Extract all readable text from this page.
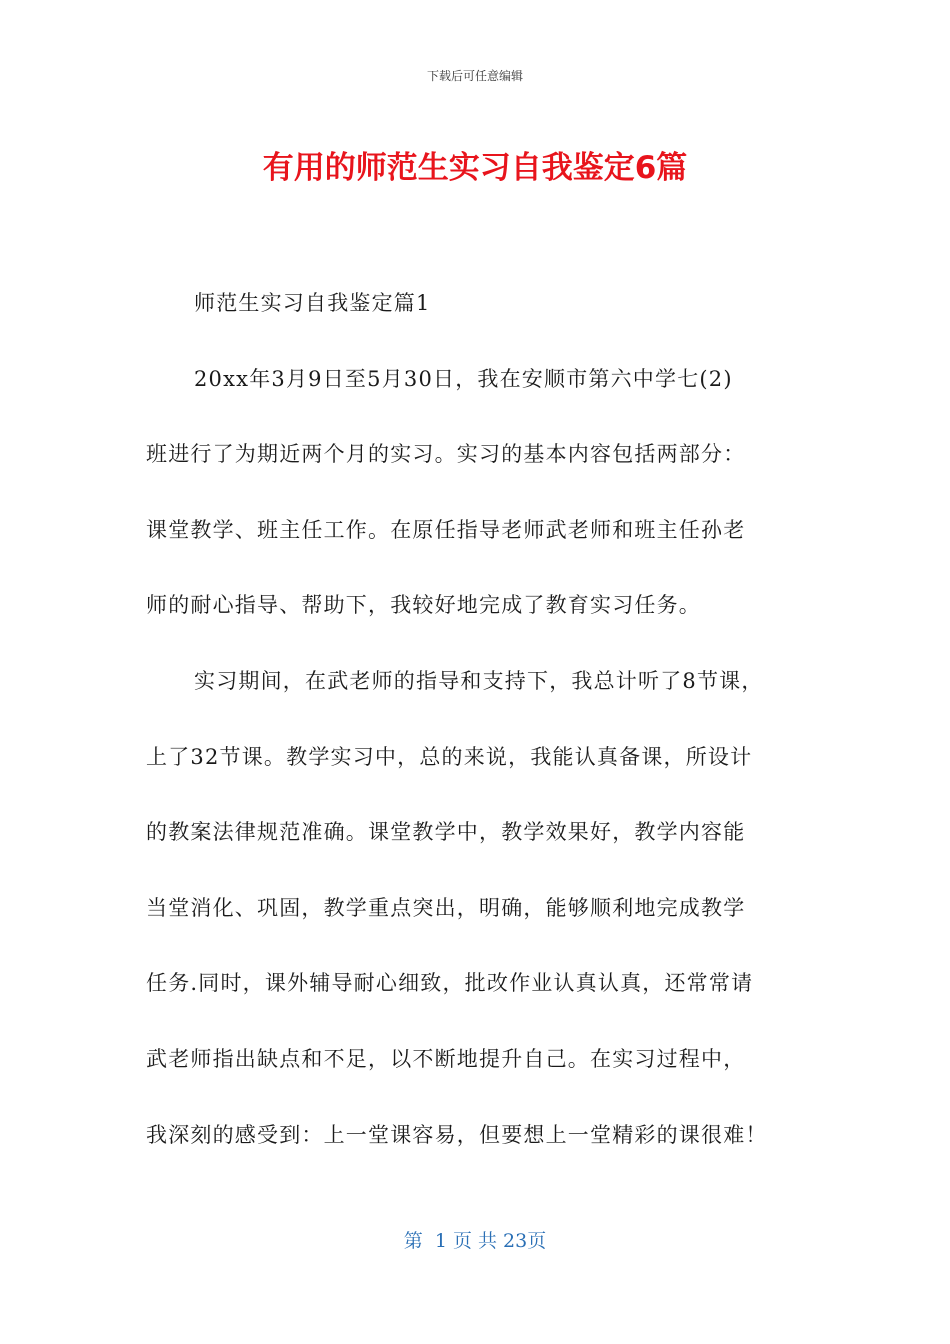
下载后可任意编辑
有用的师范生实习自我鉴定6篇
师范生实习自我鉴定篇1
20xx年3月9日至5月30日，我在安顺市第六中学七(2)
班进行了为期近两个月的实习。实习的基本内容包括两部分：
课堂教学、班主任工作。在原任指导老师武老师和班主任孙老
师的耐心指导、帮助下，我较好地完成了教育实习任务。
实习期间，在武老师的指导和支持下，我总计听了8节课，
上了32节课。教学实习中，总的来说，我能认真备课，所设计
的教案法律规范准确。课堂教学中，教学效果好，教学内容能
当堂消化、巩固，教学重点突出，明确，能够顺利地完成教学
任务.同时，课外辅导耐心细致，批改作业认真认真，还常常请
武老师指出缺点和不足，以不断地提升自己。在实习过程中，
我深刻的感受到：上一堂课容易，但要想上一堂精彩的课很难！
第  1 页 共 23页
